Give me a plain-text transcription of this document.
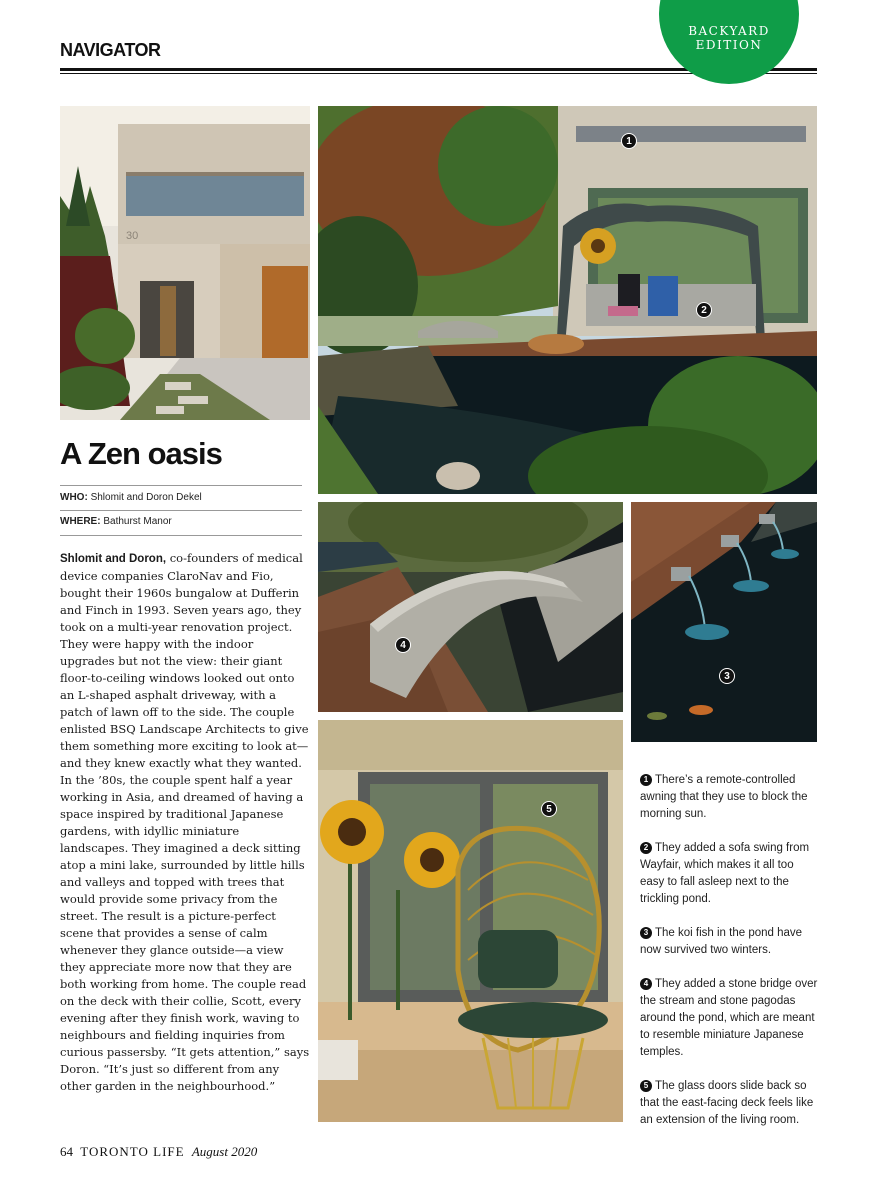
NAVIGATOR
BACKYARD
EDITION
30
1
2
4
3
5
A Zen oasis
WHO: Shlomit and Doron Dekel
WHERE: Bathurst Manor
Shlomit and Doron, co-founders of medical device companies ClaroNav and Fio, bought their 1960s bungalow at Dufferin and Finch in 1993. Seven years ago, they took on a multi-year renovation project. They were happy with the indoor upgrades but not the view: their giant floor-to-ceiling windows looked out onto an L-shaped asphalt driveway, with a patch of lawn off to the side. The couple enlisted BSQ Landscape Architects to give them something more exciting to look at—and they knew exactly what they wanted. In the ’80s, the couple spent half a year working in Asia, and dreamed of having a space inspired by traditional Japanese gardens, with idyllic miniature landscapes. They imagined a deck sitting atop a mini lake, surrounded by little hills and valleys and topped with trees that would provide some privacy from the street. The result is a picture-perfect scene that provides a sense of calm whenever they glance outside—a view they appreciate more now that they are both working from home. The couple read on the deck with their collie, Scott, every evening after they finish work, waving to neighbours and fielding inquiries from curious passersby. “It gets attention,” says Doron. “It’s just so different from any other garden in the neighbourhood.”
1 There’s a remote-controlled awning that they use to block the morning sun.
2 They added a sofa swing from Wayfair, which makes it all too easy to fall asleep next to the trickling pond.
3 The koi fish in the pond have now survived two winters.
4 They added a stone bridge over the stream and stone pagodas around the pond, which are meant to resemble miniature Japanese temples.
5 The glass doors slide back so that the east-facing deck feels like an extension of the living room.
64 TORONTO LIFE August 2020
